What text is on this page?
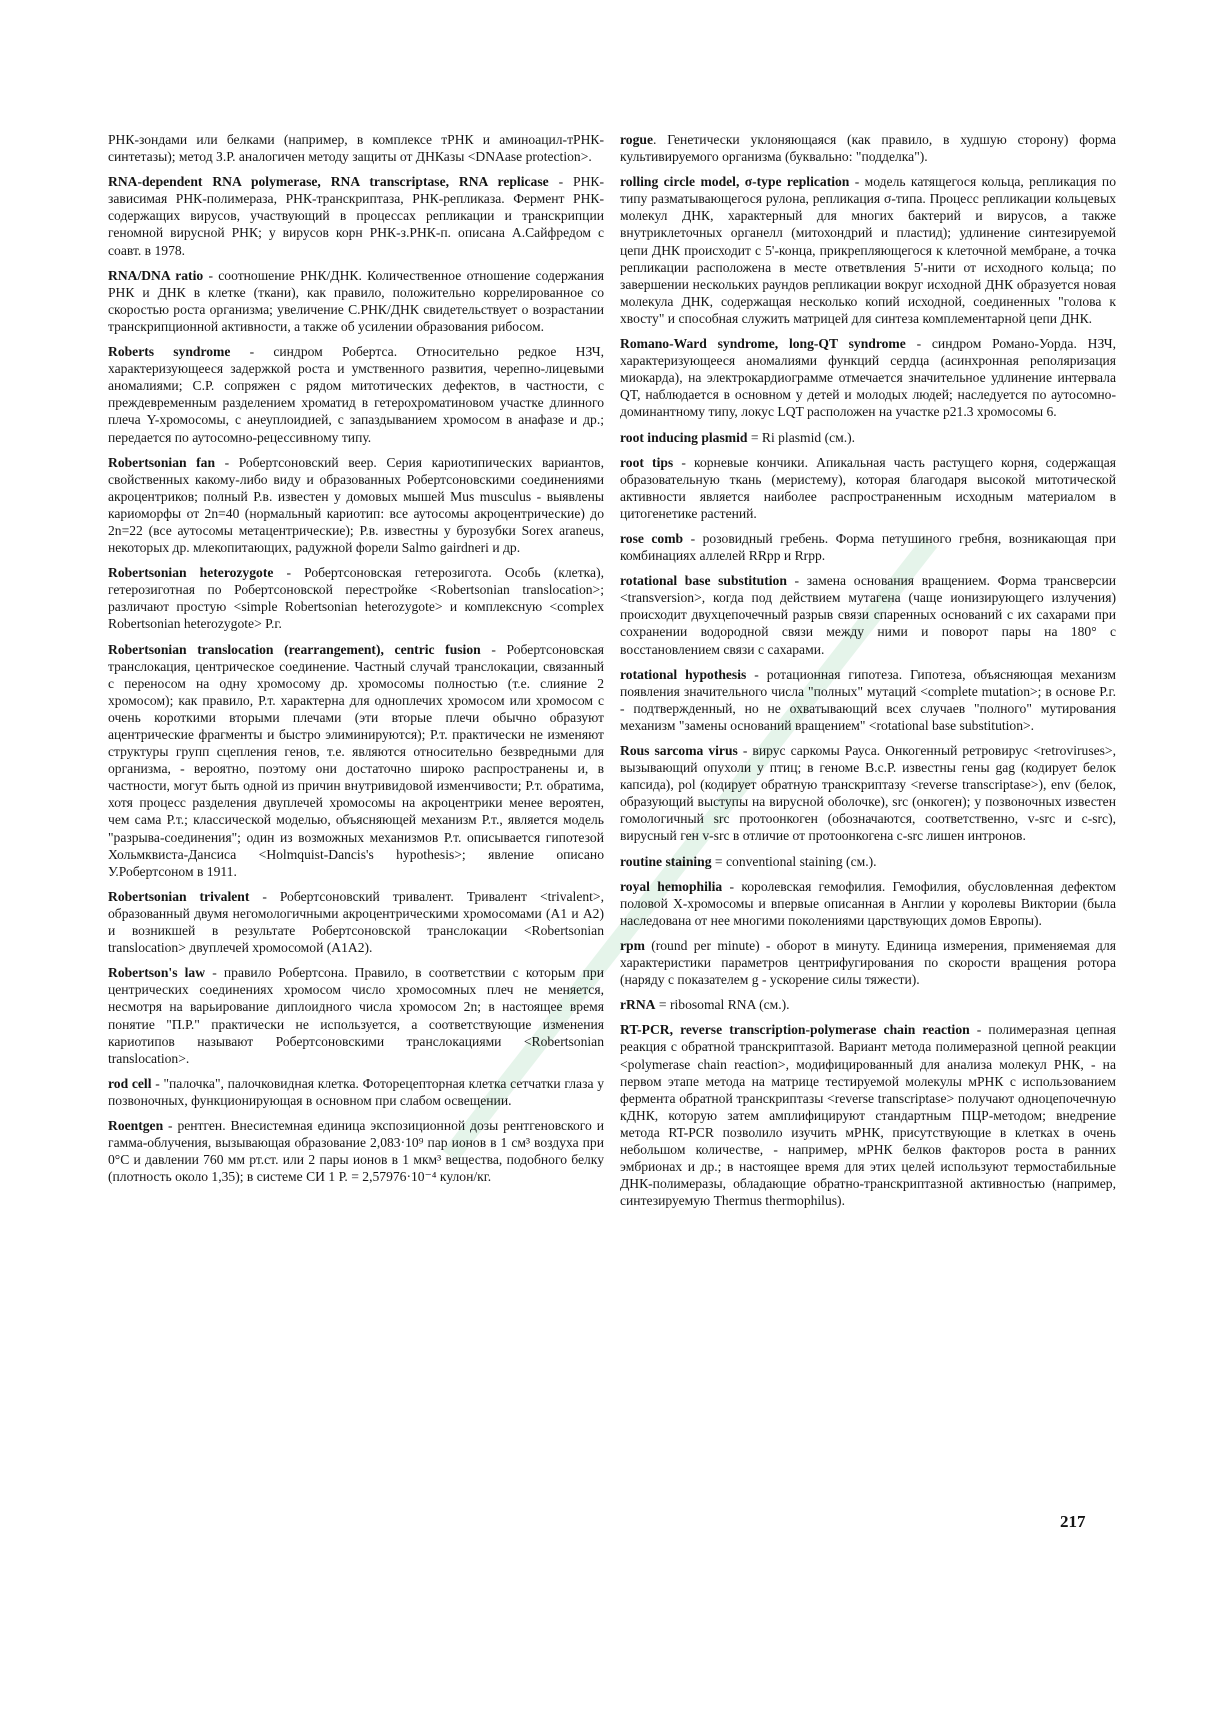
РНК-зондами или белками (например, в комплексе тРНК и аминоацил-тРНК-синтетазы); метод З.Р. аналогичен методу защиты от ДНКазы <DNAase protection>.

RNA-dependent RNA polymerase, RNA transcriptase, RNA replicase - РНК-зависимая РНК-полимераза, РНК-транскриптаза, РНК-репликаза. Фермент РНК-содержащих вирусов, участвующий в процессах репликации и транскрипции геномной вирусной РНК; у вирусов корн РНК-з.РНК-п. описана А.Сайфредом с соавт. в 1978.

RNA/DNA ratio - соотношение РНК/ДНК. Количественное отношение содержания РНК и ДНК в клетке (ткани), как правило, положительно коррелированное со скоростью роста организма; увеличение С.РНК/ДНК свидетельствует о возрастании транскрипционной активности, а также об усилении образования рибосом.

Roberts syndrome - синдром Робертса. Относительно редкое НЗЧ, характеризующееся задержкой роста и умственного развития, черепно-лицевыми аномалиями; С.Р. сопряжен с рядом митотических дефектов, в частности, с преждевременным разделением хроматид в гетерохроматиновом участке длинного плеча Y-хромосомы, с анеуплоидией, с запаздыванием хромосом в анафазе и др.; передается по аутосомно-рецессивному типу.

Robertsonian fan - Робертсоновский веер. Серия кариотипических вариантов, свойственных какому-либо виду и образованных Робертсоновскими соединениями акроцентриков; полный Р.в. известен у домовых мышей Mus musculus - выявлены кариоморфы от 2n=40 (нормальный кариотип: все аутосомы акроцентрические) до 2n=22 (все аутосомы метацентрические); Р.в. известны у бурозубки Sorex araneus, некоторых др. млекопитающих, радужной форели Salmo gairdneri и др.

Robertsonian heterozygote - Робертсоновская гетерозигота. Особь (клетка), гетерозиготная по Робертсоновской перестройке <Robertsonian translocation>; различают простую <simple Robertsonian heterozygote> и комплексную <complex Robertsonian heterozygote> Р.г.

Robertsonian translocation (rearrangement), centric fusion - Робертсоновская транслокация, центрическое соединение. Частный случай транслокации, связанный с переносом на одну хромосому др. хромосомы полностью (т.е. слияние 2 хромосом); как правило, Р.т. характерна для одноплечих хромосом или хромосом с очень короткими вторыми плечами (эти вторые плечи обычно образуют ацентрические фрагменты и быстро элиминируются); Р.т. практически не изменяют структуры групп сцепления генов, т.е. являются относительно безвредными для организма, - вероятно, поэтому они достаточно широко распространены и, в частности, могут быть одной из причин внутривидовой изменчивости; Р.т. обратима, хотя процесс разделения двуплечей хромосомы на акроцентрики менее вероятен, чем сама Р.т.; классической моделью, объясняющей механизм Р.т., является модель "разрыва-соединения"; один из возможных механизмов Р.т. описывается гипотезой Хольмквиста-Дансиса <Holmquist-Dancis's hypothesis>; явление описано У.Робертсоном в 1911.

Robertsonian trivalent - Робертсоновский тривалент. Тривалент <trivalent>, образованный двумя негомологичными акроцентрическими хромосомами (A1 и A2) и возникшей в результате Робертсоновской транслокации <Robertsonian translocation> двуплечей хромосомой (A1A2).

Robertson's law - правило Робертсона. Правило, в соответствии с которым при центрических соединениях хромосом число хромосомных плеч не меняется, несмотря на варьирование диплоидного числа хромосом 2n; в настоящее время понятие "П.Р." практически не используется, а соответствующие изменения кариотипов называют Робертсоновскими транслокациями <Robertsonian translocation>.

rod cell - "палочка", палочковидная клетка. Фоторецепторная клетка сетчатки глаза у позвоночных, функционирующая в основном при слабом освещении.

Roentgen - рентген. Внесистемная единица экспозиционной дозы рентгеновского и гамма-облучения, вызывающая образование 2,083·10⁹ пар ионов в 1 см³ воздуха при 0°С и давлении 760 мм рт.ст. или 2 пары ионов в 1 мкм³ вещества, подобного белку (плотность около 1,35); в системе СИ 1 Р. = 2,57976·10⁻⁴ кулон/кг.

rogue. Генетически уклоняющаяся (как правило, в худшую сторону) форма культивируемого организма (буквально: "подделка").

rolling circle model, σ-type replication - модель катящегося кольца, репликация по типу разматывающегося рулона, репликация σ-типа. Процесс репликации кольцевых молекул ДНК, характерный для многих бактерий и вирусов, а также внутриклеточных органелл (митохондрий и пластид); удлинение синтезируемой цепи ДНК происходит с 5'-конца, прикрепляющегося к клеточной мембране, а точка репликации расположена в месте ответвления 5'-нити от исходного кольца; по завершении нескольких раундов репликации вокруг исходной ДНК образуется новая молекула ДНК, содержащая несколько копий исходной, соединенных "голова к хвосту" и способная служить матрицей для синтеза комплементарной цепи ДНК.

Romano-Ward syndrome, long-QT syndrome - синдром Романо-Уорда. НЗЧ, характеризующееся аномалиями функций сердца (асинхронная реполяризация миокарда), на электрокардиограмме отмечается значительное удлинение интервала QT, наблюдается в основном у детей и молодых людей; наследуется по аутосомно-доминантному типу, локус LQT расположен на участке p21.3 хромосомы 6.

root inducing plasmid = Ri plasmid (см.).

root tips - корневые кончики. Апикальная часть растущего корня, содержащая образовательную ткань (меристему), которая благодаря высокой митотической активности является наиболее распространенным исходным материалом в цитогенетике растений.

rose comb - розовидный гребень. Форма петушиного гребня, возникающая при комбинациях аллелей RRpp и Rrpp.

rotational base substitution - замена основания вращением. Форма трансверсии <transversion>, когда под действием мутагена (чаще ионизирующего излучения) происходит двухцепочечный разрыв связи спаренных оснований с их сахарами при сохранении водородной связи между ними и поворот пары на 180° с восстановлением связи с сахарами.

rotational hypothesis - ротационная гипотеза. Гипотеза, объясняющая механизм появления значительного числа "полных" мутаций <complete mutation>; в основе Р.г. - подтвержденный, но не охватывающий всех случаев "полного" мутирования механизм "замены оснований вращением" <rotational base substitution>.

Rous sarcoma virus - вирус саркомы Рауса. Онкогенный ретровирус <retroviruses>, вызывающий опухоли у птиц; в геноме В.с.Р. известны гены gag (кодирует белок капсида), pol (кодирует обратную транскриптазу <reverse transcriptase>), env (белок, образующий выступы на вирусной оболочке), src (онкоген); у позвоночных известен гомологичный src протоонкоген (обозначаются, соответственно, v-src и c-src), вирусный ген v-src в отличие от протоонкогена c-src лишен интронов.

routine staining = conventional staining (см.).

royal hemophilia - королевская гемофилия. Гемофилия, обусловленная дефектом половой Х-хромосомы и впервые описанная в Англии у королевы Виктории (была наследована от нее многими поколениями царствующих домов Европы).

rpm (round per minute) - оборот в минуту. Единица измерения, применяемая для характеристики параметров центрифугирования по скорости вращения ротора (наряду с показателем g - ускорение силы тяжести).

rRNA = ribosomal RNA (см.).

RT-PCR, reverse transcription-polymerase chain reaction - полимеразная цепная реакция с обратной транскриптазой. Вариант метода полимеразной цепной реакции <polymerase chain reaction>, модифицированный для анализа молекул РНК, - на первом этапе метода на матрице тестируемой молекулы мРНК с использованием фермента обратной транскриптазы <reverse transcriptase> получают одноцепочечную кДНК, которую затем амплифицируют стандартным ПЦР-методом; внедрение метода RT-PCR позволило изучить мРНК, присутствующие в клетках в очень небольшом количестве, - например, мРНК белков факторов роста в ранних эмбрионах и др.; в настоящее время для этих целей используют термостабильные ДНК-полимеразы, обладающие обратно-транскриптазной активностью (например, синтезируемую Thermus thermophilus).

217
